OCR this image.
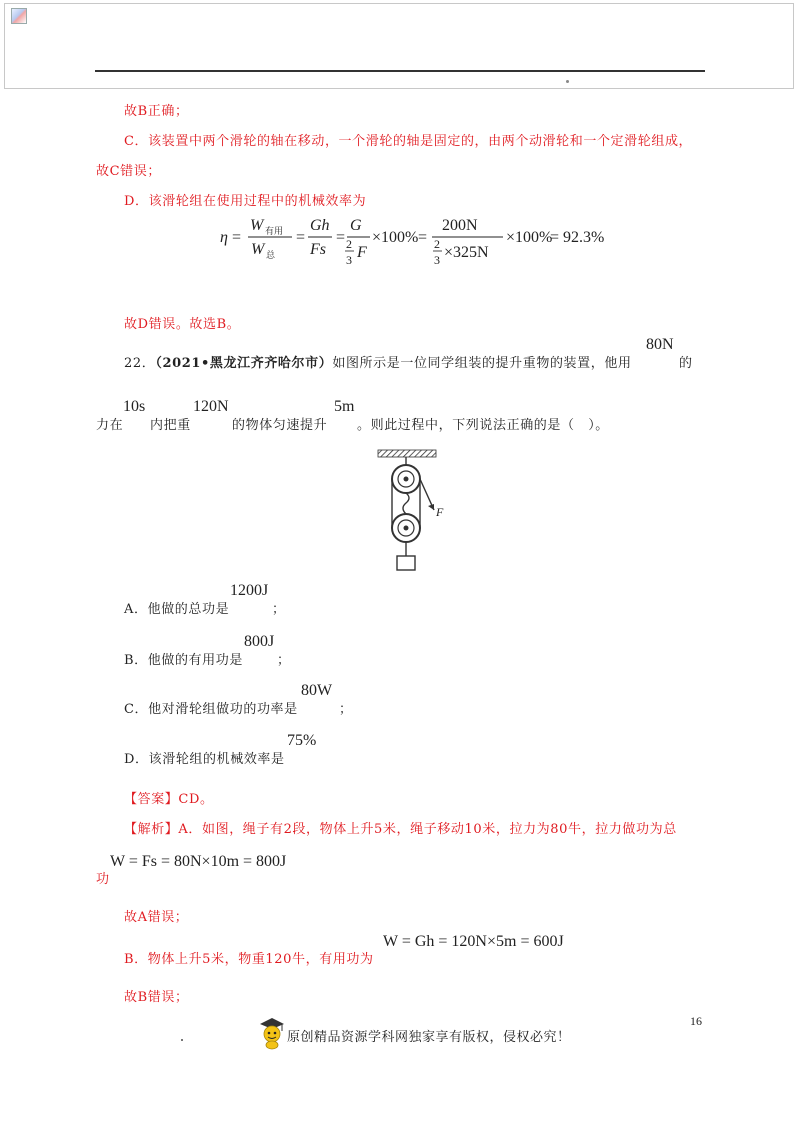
故B正确；
C．该装置中两个滑轮的轴在移动，一个滑轮的轴是固定的，由两个动滑轮和一个定滑轮组成，
故C错误；
D．该滑轮组在使用过程中的机械效率为
η =
W 有用
W 总
=
Gh
Fs
=
G
2
3 F
×100% =
200N
2
3 ×325N
×100%
= 92.3%
故D错误。故选B。
22．（2021•黑龙江齐齐哈尔市）如图所示是一位同学组装的提升重物的装置，他用
80N
的
力在
10s
内把重
120N
的物体匀速提升
5m
。则此过程中，下列说法正确的是（　）。
F
A．他做的总功是
1200J
；
B．他做的有用功是
800J
；
C．他对滑轮组做功的功率是
80W
；
D．该滑轮组的机械效率是
75%
【答案】CD。
【解析】A．如图，绳子有2段，物体上升5米，绳子移动10米，拉力为80牛，拉力做功为总
功
W = Fs = 80N×10m = 800J
故A错误；
B．物体上升5米，物重120牛，有用功为
W = Gh = 120N×5m = 600J
故B错误；
16
原创精品资源学科网独家享有版权，侵权必究！
